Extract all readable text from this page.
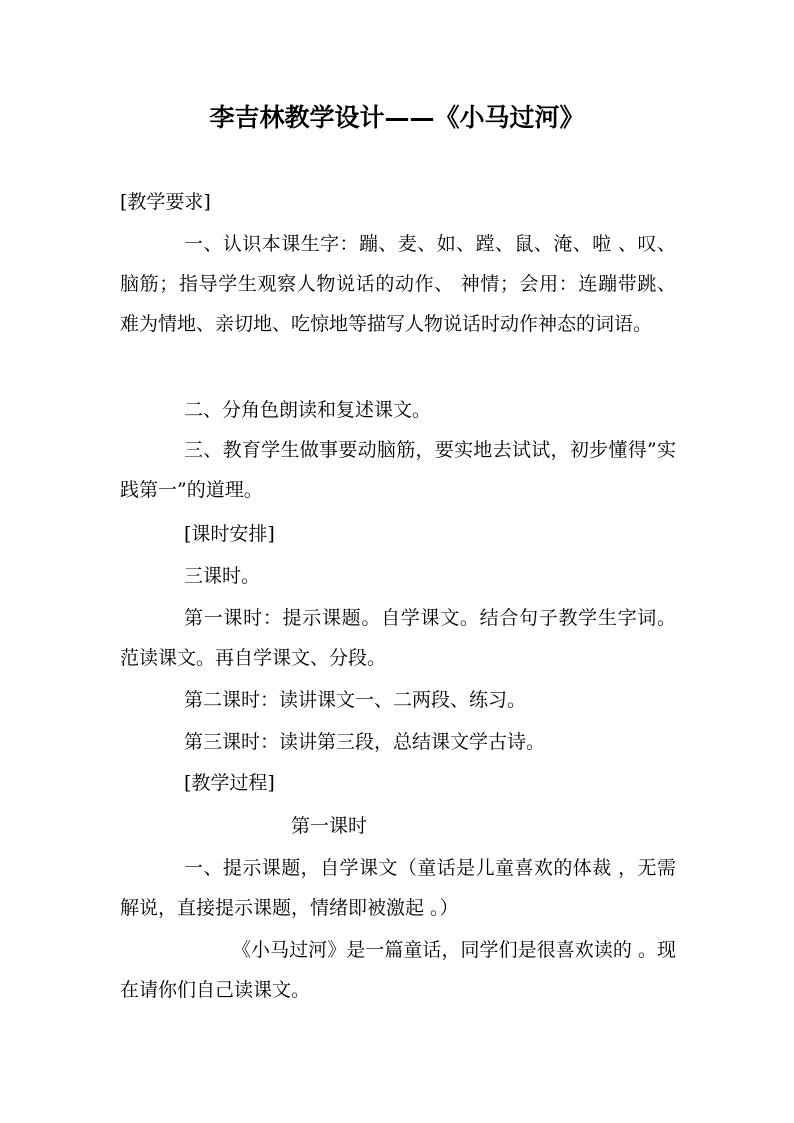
李吉林教学设计——《小马过河》
[教学要求]
一、认识本课生字：蹦、麦、如、蹚、鼠、淹、啦 、叹、脑筋；指导学生观察人物说话的动作、 神情；会用：连蹦带跳、难为情地、亲切地、吃惊地等描写人物说话时动作神态的词语。
二、分角色朗读和复述课文。
三、教育学生做事要动脑筋，要实地去试试，初步懂得”实践第一”的道理。
[课时安排]
三课时。
第一课时：提示课题。自学课文。结合句子教学生字词。范读课文。再自学课文、分段。
第二课时：读讲课文一、二两段、练习。
第三课时：读讲第三段，总结课文学古诗。
[教学过程]
第一课时
一、提示课题，自学课文（童话是儿童喜欢的体裁 ，无需解说，直接提示课题，情绪即被激起 。）
《小马过河》是一篇童话，同学们是很喜欢读的 。现在请你们自己读课文。
